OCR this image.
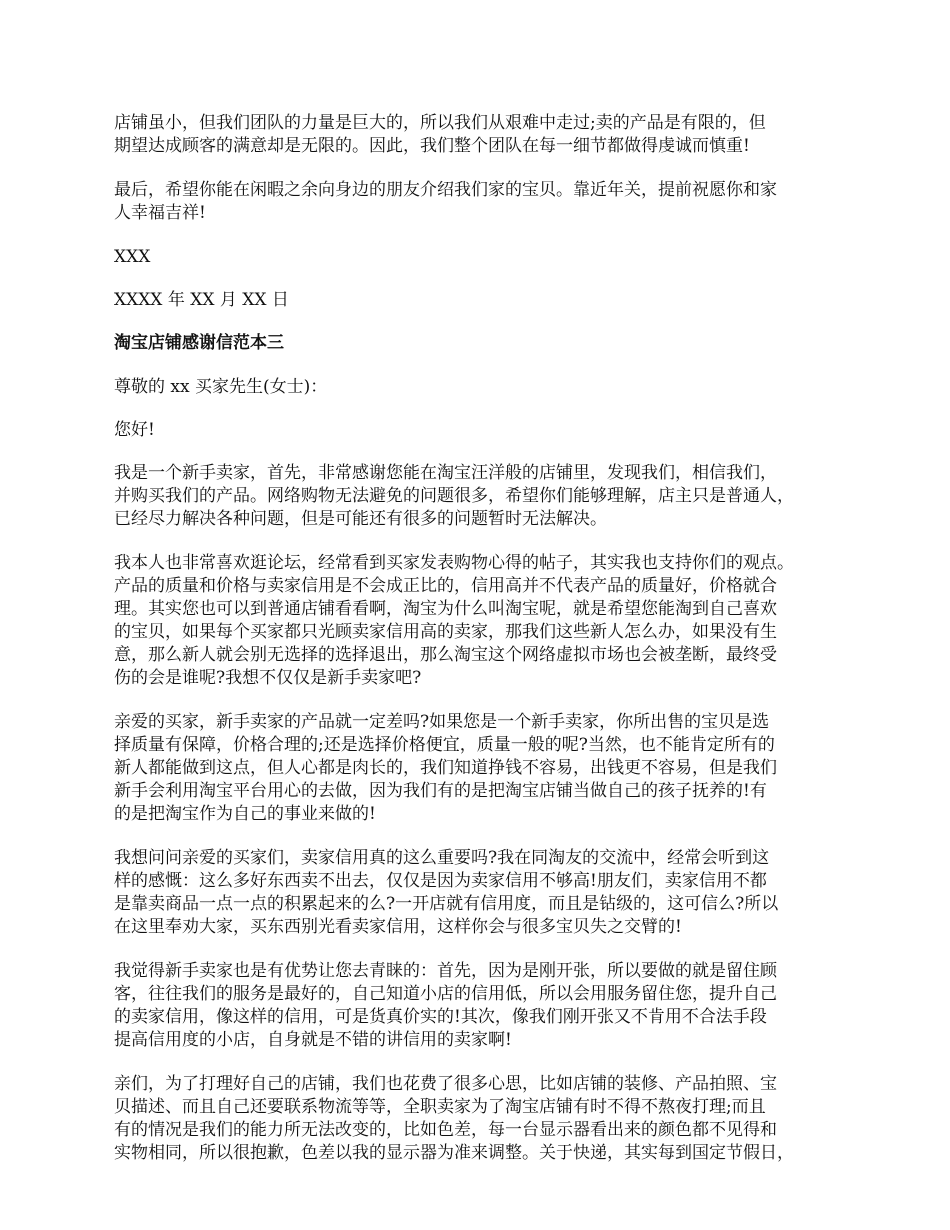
店铺虽小，但我们团队的力量是巨大的，所以我们从艰难中走过;卖的产品是有限的，但
期望达成顾客的满意却是无限的。因此，我们整个团队在每一细节都做得虔诚而慎重!

最后，希望你能在闲暇之余向身边的朋友介绍我们家的宝贝。靠近年关，提前祝愿你和家
人幸福吉祥!

XXX

XXXX 年 XX 月 XX 日

淘宝店铺感谢信范本三

尊敬的 xx 买家先生(女士)：

您好!

我是一个新手卖家，首先，非常感谢您能在淘宝汪洋般的店铺里，发现我们，相信我们，
并购买我们的产品。网络购物无法避免的问题很多，希望你们能够理解，店主只是普通人，
已经尽力解决各种问题，但是可能还有很多的问题暂时无法解决。

我本人也非常喜欢逛论坛，经常看到买家发表购物心得的帖子，其实我也支持你们的观点。
产品的质量和价格与卖家信用是不会成正比的，信用高并不代表产品的质量好，价格就合
理。其实您也可以到普通店铺看看啊，淘宝为什么叫淘宝呢，就是希望您能淘到自己喜欢
的宝贝，如果每个买家都只光顾卖家信用高的卖家，那我们这些新人怎么办，如果没有生
意，那么新人就会别无选择的选择退出，那么淘宝这个网络虚拟市场也会被垄断，最终受
伤的会是谁呢?我想不仅仅是新手卖家吧?

亲爱的买家，新手卖家的产品就一定差吗?如果您是一个新手卖家，你所出售的宝贝是选
择质量有保障，价格合理的;还是选择价格便宜，质量一般的呢?当然，也不能肯定所有的
新人都能做到这点，但人心都是肉长的，我们知道挣钱不容易，出钱更不容易，但是我们
新手会利用淘宝平台用心的去做，因为我们有的是把淘宝店铺当做自己的孩子抚养的!有
的是把淘宝作为自己的事业来做的!

我想问问亲爱的买家们，卖家信用真的这么重要吗?我在同淘友的交流中，经常会听到这
样的感慨：这么多好东西卖不出去，仅仅是因为卖家信用不够高!朋友们，卖家信用不都
是靠卖商品一点一点的积累起来的么?一开店就有信用度，而且是钻级的，这可信么?所以
在这里奉劝大家，买东西别光看卖家信用，这样你会与很多宝贝失之交臂的!

我觉得新手卖家也是有优势让您去青睐的：首先，因为是刚开张，所以要做的就是留住顾
客，往往我们的服务是最好的，自己知道小店的信用低，所以会用服务留住您，提升自己
的卖家信用，像这样的信用，可是货真价实的!其次，像我们刚开张又不肯用不合法手段
提高信用度的小店，自身就是不错的讲信用的卖家啊!

亲们，为了打理好自己的店铺，我们也花费了很多心思，比如店铺的装修、产品拍照、宝
贝描述、而且自己还要联系物流等等，全职卖家为了淘宝店铺有时不得不熬夜打理;而且
有的情况是我们的能力所无法改变的，比如色差，每一台显示器看出来的颜色都不见得和
实物相同，所以很抱歉，色差以我的显示器为准来调整。关于快递，其实每到国定节假日，
